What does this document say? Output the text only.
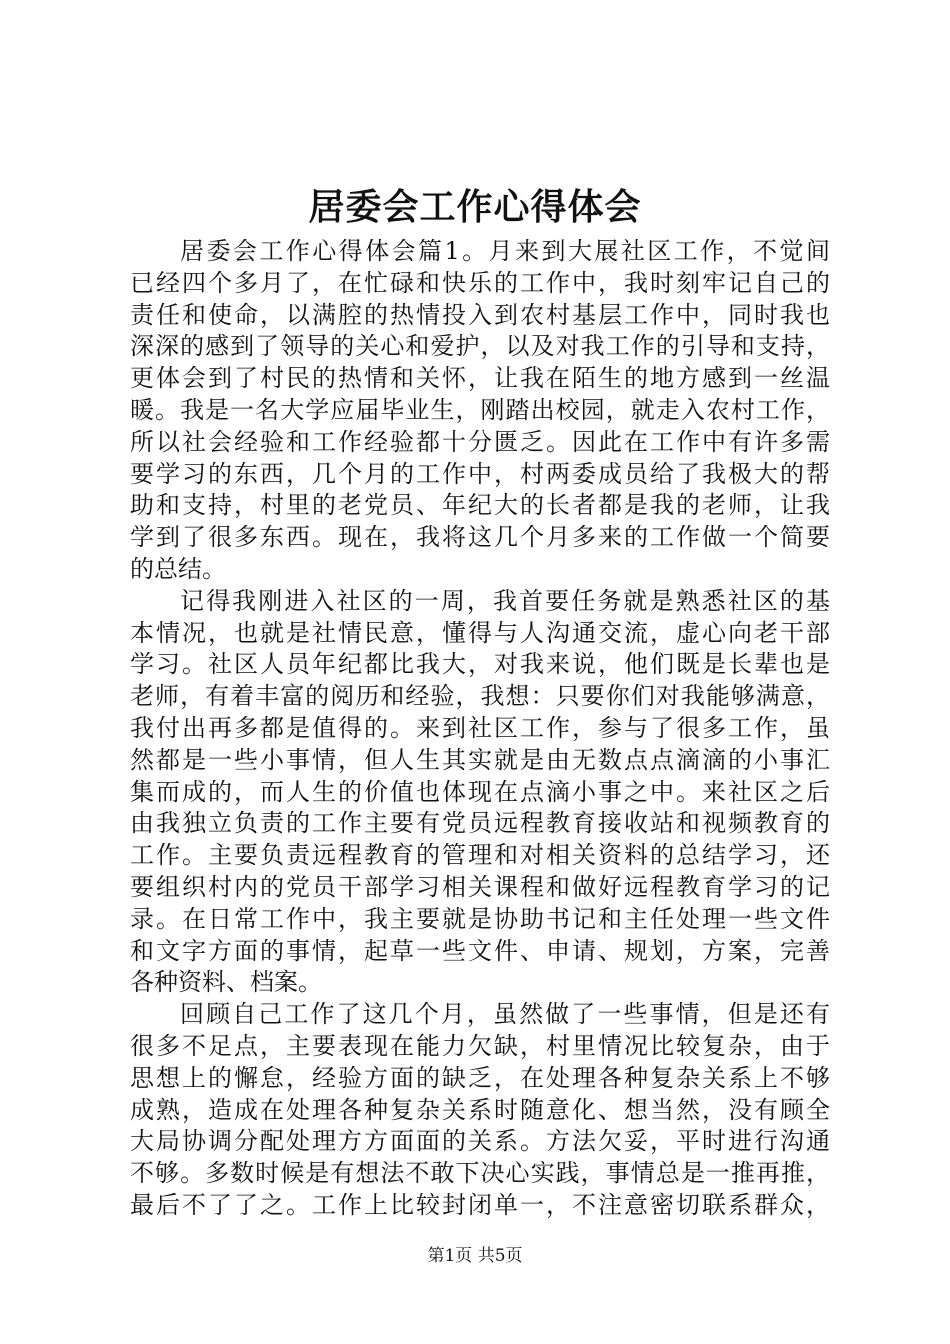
居委会工作心得体会
居委会工作心得体会篇1。月来到大展社区工作，不觉间
已经四个多月了，在忙碌和快乐的工作中，我时刻牢记自己的
责任和使命，以满腔的热情投入到农村基层工作中，同时我也
深深的感到了领导的关心和爱护，以及对我工作的引导和支持，
更体会到了村民的热情和关怀，让我在陌生的地方感到一丝温
暖。我是一名大学应届毕业生，刚踏出校园，就走入农村工作，
所以社会经验和工作经验都十分匮乏。因此在工作中有许多需
要学习的东西，几个月的工作中，村两委成员给了我极大的帮
助和支持，村里的老党员、年纪大的长者都是我的老师，让我
学到了很多东西。现在，我将这几个月多来的工作做一个简要
的总结。
记得我刚进入社区的一周，我首要任务就是熟悉社区的基
本情况，也就是社情民意，懂得与人沟通交流，虚心向老干部
学习。社区人员年纪都比我大，对我来说，他们既是长辈也是
老师，有着丰富的阅历和经验，我想：只要你们对我能够满意，
我付出再多都是值得的。来到社区工作，参与了很多工作，虽
然都是一些小事情，但人生其实就是由无数点点滴滴的小事汇
集而成的，而人生的价值也体现在点滴小事之中。来社区之后
由我独立负责的工作主要有党员远程教育接收站和视频教育的
工作。主要负责远程教育的管理和对相关资料的总结学习，还
要组织村内的党员干部学习相关课程和做好远程教育学习的记
录。在日常工作中，我主要就是协助书记和主任处理一些文件
和文字方面的事情，起草一些文件、申请、规划，方案，完善
各种资料、档案。
回顾自己工作了这几个月，虽然做了一些事情，但是还有
很多不足点，主要表现在能力欠缺，村里情况比较复杂，由于
思想上的懈怠，经验方面的缺乏，在处理各种复杂关系上不够
成熟，造成在处理各种复杂关系时随意化、想当然，没有顾全
大局协调分配处理方方面面的关系。方法欠妥，平时进行沟通
不够。多数时候是有想法不敢下决心实践，事情总是一推再推，
最后不了了之。工作上比较封闭单一，不注意密切联系群众，
第1页 共5页
